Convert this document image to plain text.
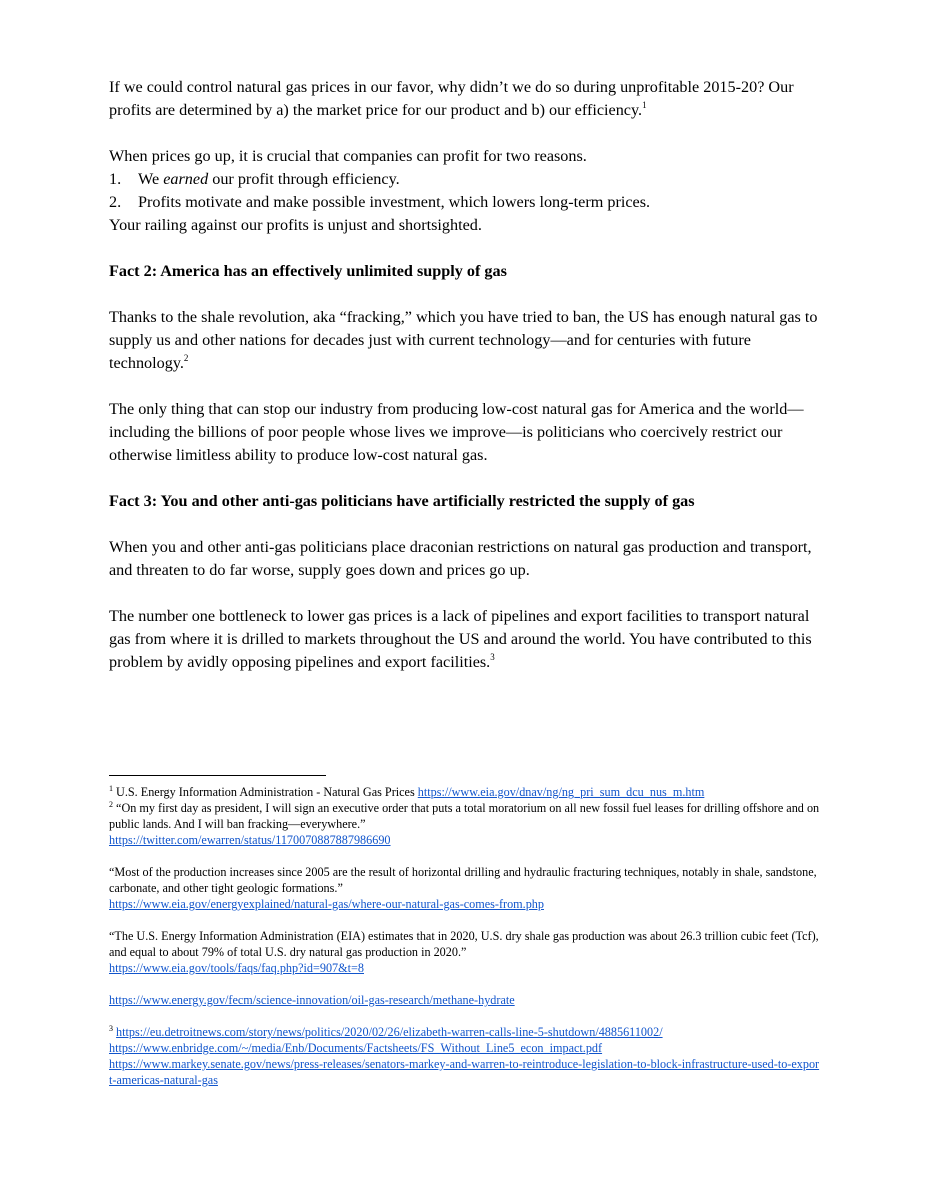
If we could control natural gas prices in our favor, why didn’t we do so during unprofitable 2015-20? Our profits are determined by a) the market price for our product and b) our efficiency.$^1$

When prices go up, it is crucial that companies can profit for two reasons.

1. We earned our profit through efficiency.
2. Profits motivate and make possible investment, which lowers long-term prices.

Your railing against our profits is unjust and shortsighted.

Fact 2: America has an effectively unlimited supply of gas

Thanks to the shale revolution, aka “fracking,” which you have tried to ban, the US has enough natural gas to supply us and other nations for decades just with current technology—and for centuries with future technology.$^2$

The only thing that can stop our industry from producing low-cost natural gas for America and the world—including the billions of poor people whose lives we improve—is politicians who coercively restrict our otherwise limitless ability to produce low-cost natural gas.

Fact 3: You and other anti-gas politicians have artificially restricted the supply of gas

When you and other anti-gas politicians place draconian restrictions on natural gas production and transport, and threaten to do far worse, supply goes down and prices go up.

The number one bottleneck to lower gas prices is a lack of pipelines and export facilities to transport natural gas from where it is drilled to markets throughout the US and around the world. You have contributed to this problem by avidly opposing pipelines and export facilities.$^3$

$^1$ U.S. Energy Information Administration - Natural Gas Prices https://www.eia.gov/dnav/ng/ng_pri_sum_dcu_nus_m.htm

$^2$ “On my first day as president, I will sign an executive order that puts a total moratorium on all new fossil fuel leases for drilling offshore and on public lands. And I will ban fracking—everywhere.”
https://twitter.com/ewarren/status/1170070887887986690

“Most of the production increases since 2005 are the result of horizontal drilling and hydraulic fracturing techniques, notably in shale, sandstone, carbonate, and other tight geologic formations.”
https://www.eia.gov/energyexplained/natural-gas/where-our-natural-gas-comes-from.php

“The U.S. Energy Information Administration (EIA) estimates that in 2020, U.S. dry shale gas production was about 26.3 trillion cubic feet (Tcf), and equal to about 79% of total U.S. dry natural gas production in 2020.”
https://www.eia.gov/tools/faqs/faq.php?id=907&t=8

https://www.energy.gov/fecm/science-innovation/oil-gas-research/methane-hydrate

$^3$ https://eu.detroitnews.com/story/news/politics/2020/02/26/elizabeth-warren-calls-line-5-shutdown/4885611002/
https://www.enbridge.com/~/media/Enb/Documents/Factsheets/FS_Without_Line5_econ_impact.pdf
https://www.markey.senate.gov/news/press-releases/senators-markey-and-warren-to-reintroduce-legislation-to-block-infrastructure-used-to-export-americas-natural-gas
